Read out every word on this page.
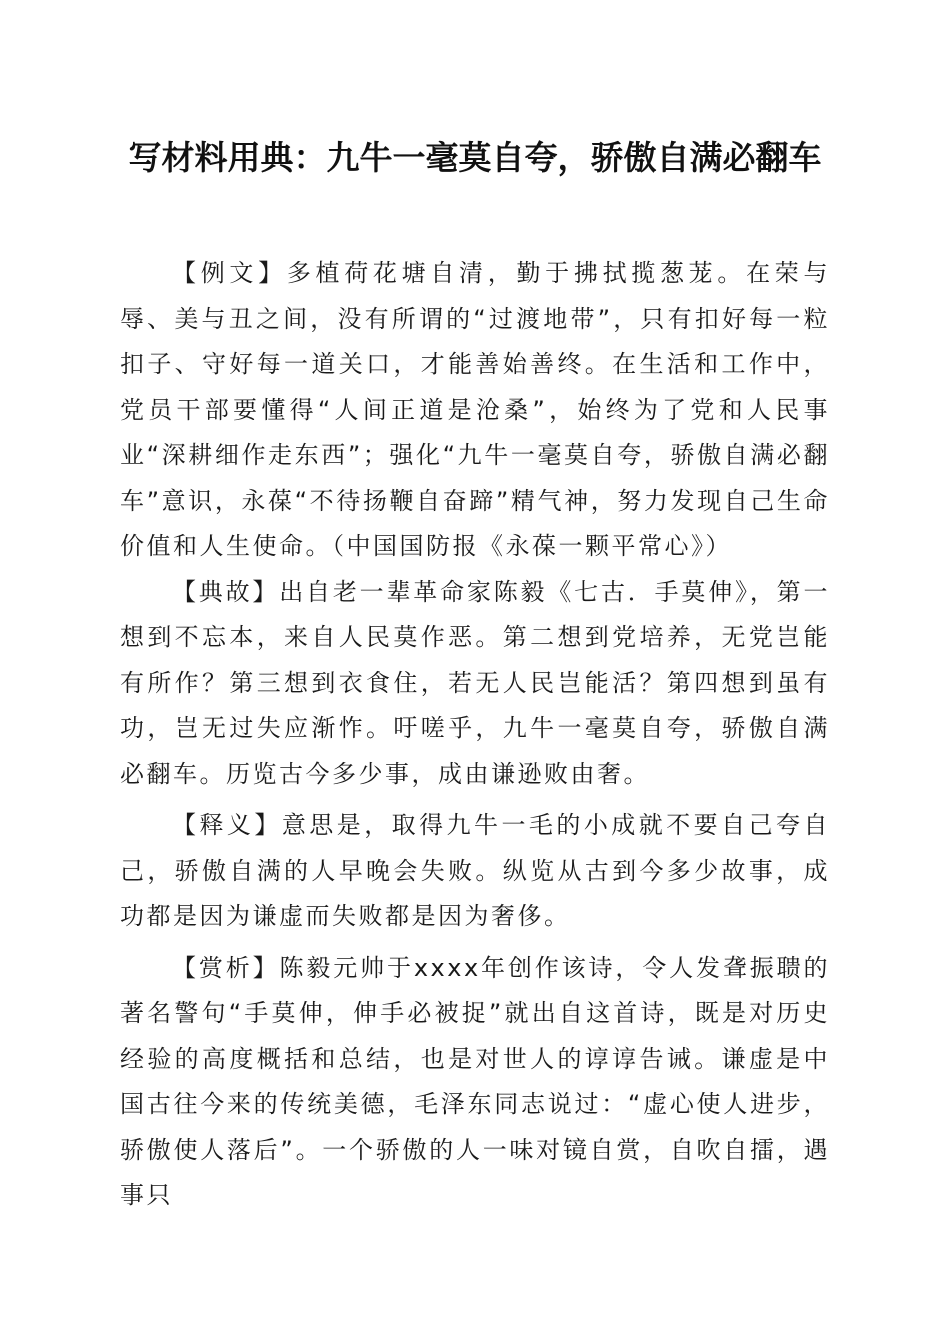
写材料用典：九牛一毫莫自夸，骄傲自满必翻车

【例文】多植荷花塘自清，勤于拂拭揽葱茏。在荣与辱、美与丑之间，没有所谓的“过渡地带”，只有扣好每一粒扣子、守好每一道关口，才能善始善终。在生活和工作中，党员干部要懂得“人间正道是沧桑”，始终为了党和人民事业“深耕细作走东西”；强化“九牛一毫莫自夸，骄傲自满必翻车”意识，永葆“不待扬鞭自奋蹄”精气神，努力发现自己生命价值和人生使命。（中国国防报《永葆一颗平常心》）

【典故】出自老一辈革命家陈毅《七古．手莫伸》，第一想到不忘本，来自人民莫作恶。第二想到党培养，无党岂能有所作？第三想到衣食住，若无人民岂能活？第四想到虽有功，岂无过失应渐怍。吁嗟乎，九牛一毫莫自夸，骄傲自满必翻车。历览古今多少事，成由谦逊败由奢。

【释义】意思是，取得九牛一毛的小成就不要自己夸自己，骄傲自满的人早晚会失败。纵览从古到今多少故事，成功都是因为谦虚而失败都是因为奢侈。

【赏析】陈毅元帅于xxxx年创作该诗，令人发聋振聩的著名警句“手莫伸，伸手必被捉”就出自这首诗，既是对历史经验的高度概括和总结，也是对世人的谆谆告诫。谦虚是中国古往今来的传统美德，毛泽东同志说过：“虚心使人进步，骄傲使人落后”。一个骄傲的人一味对镜自赏，自吹自擂，遇事只
